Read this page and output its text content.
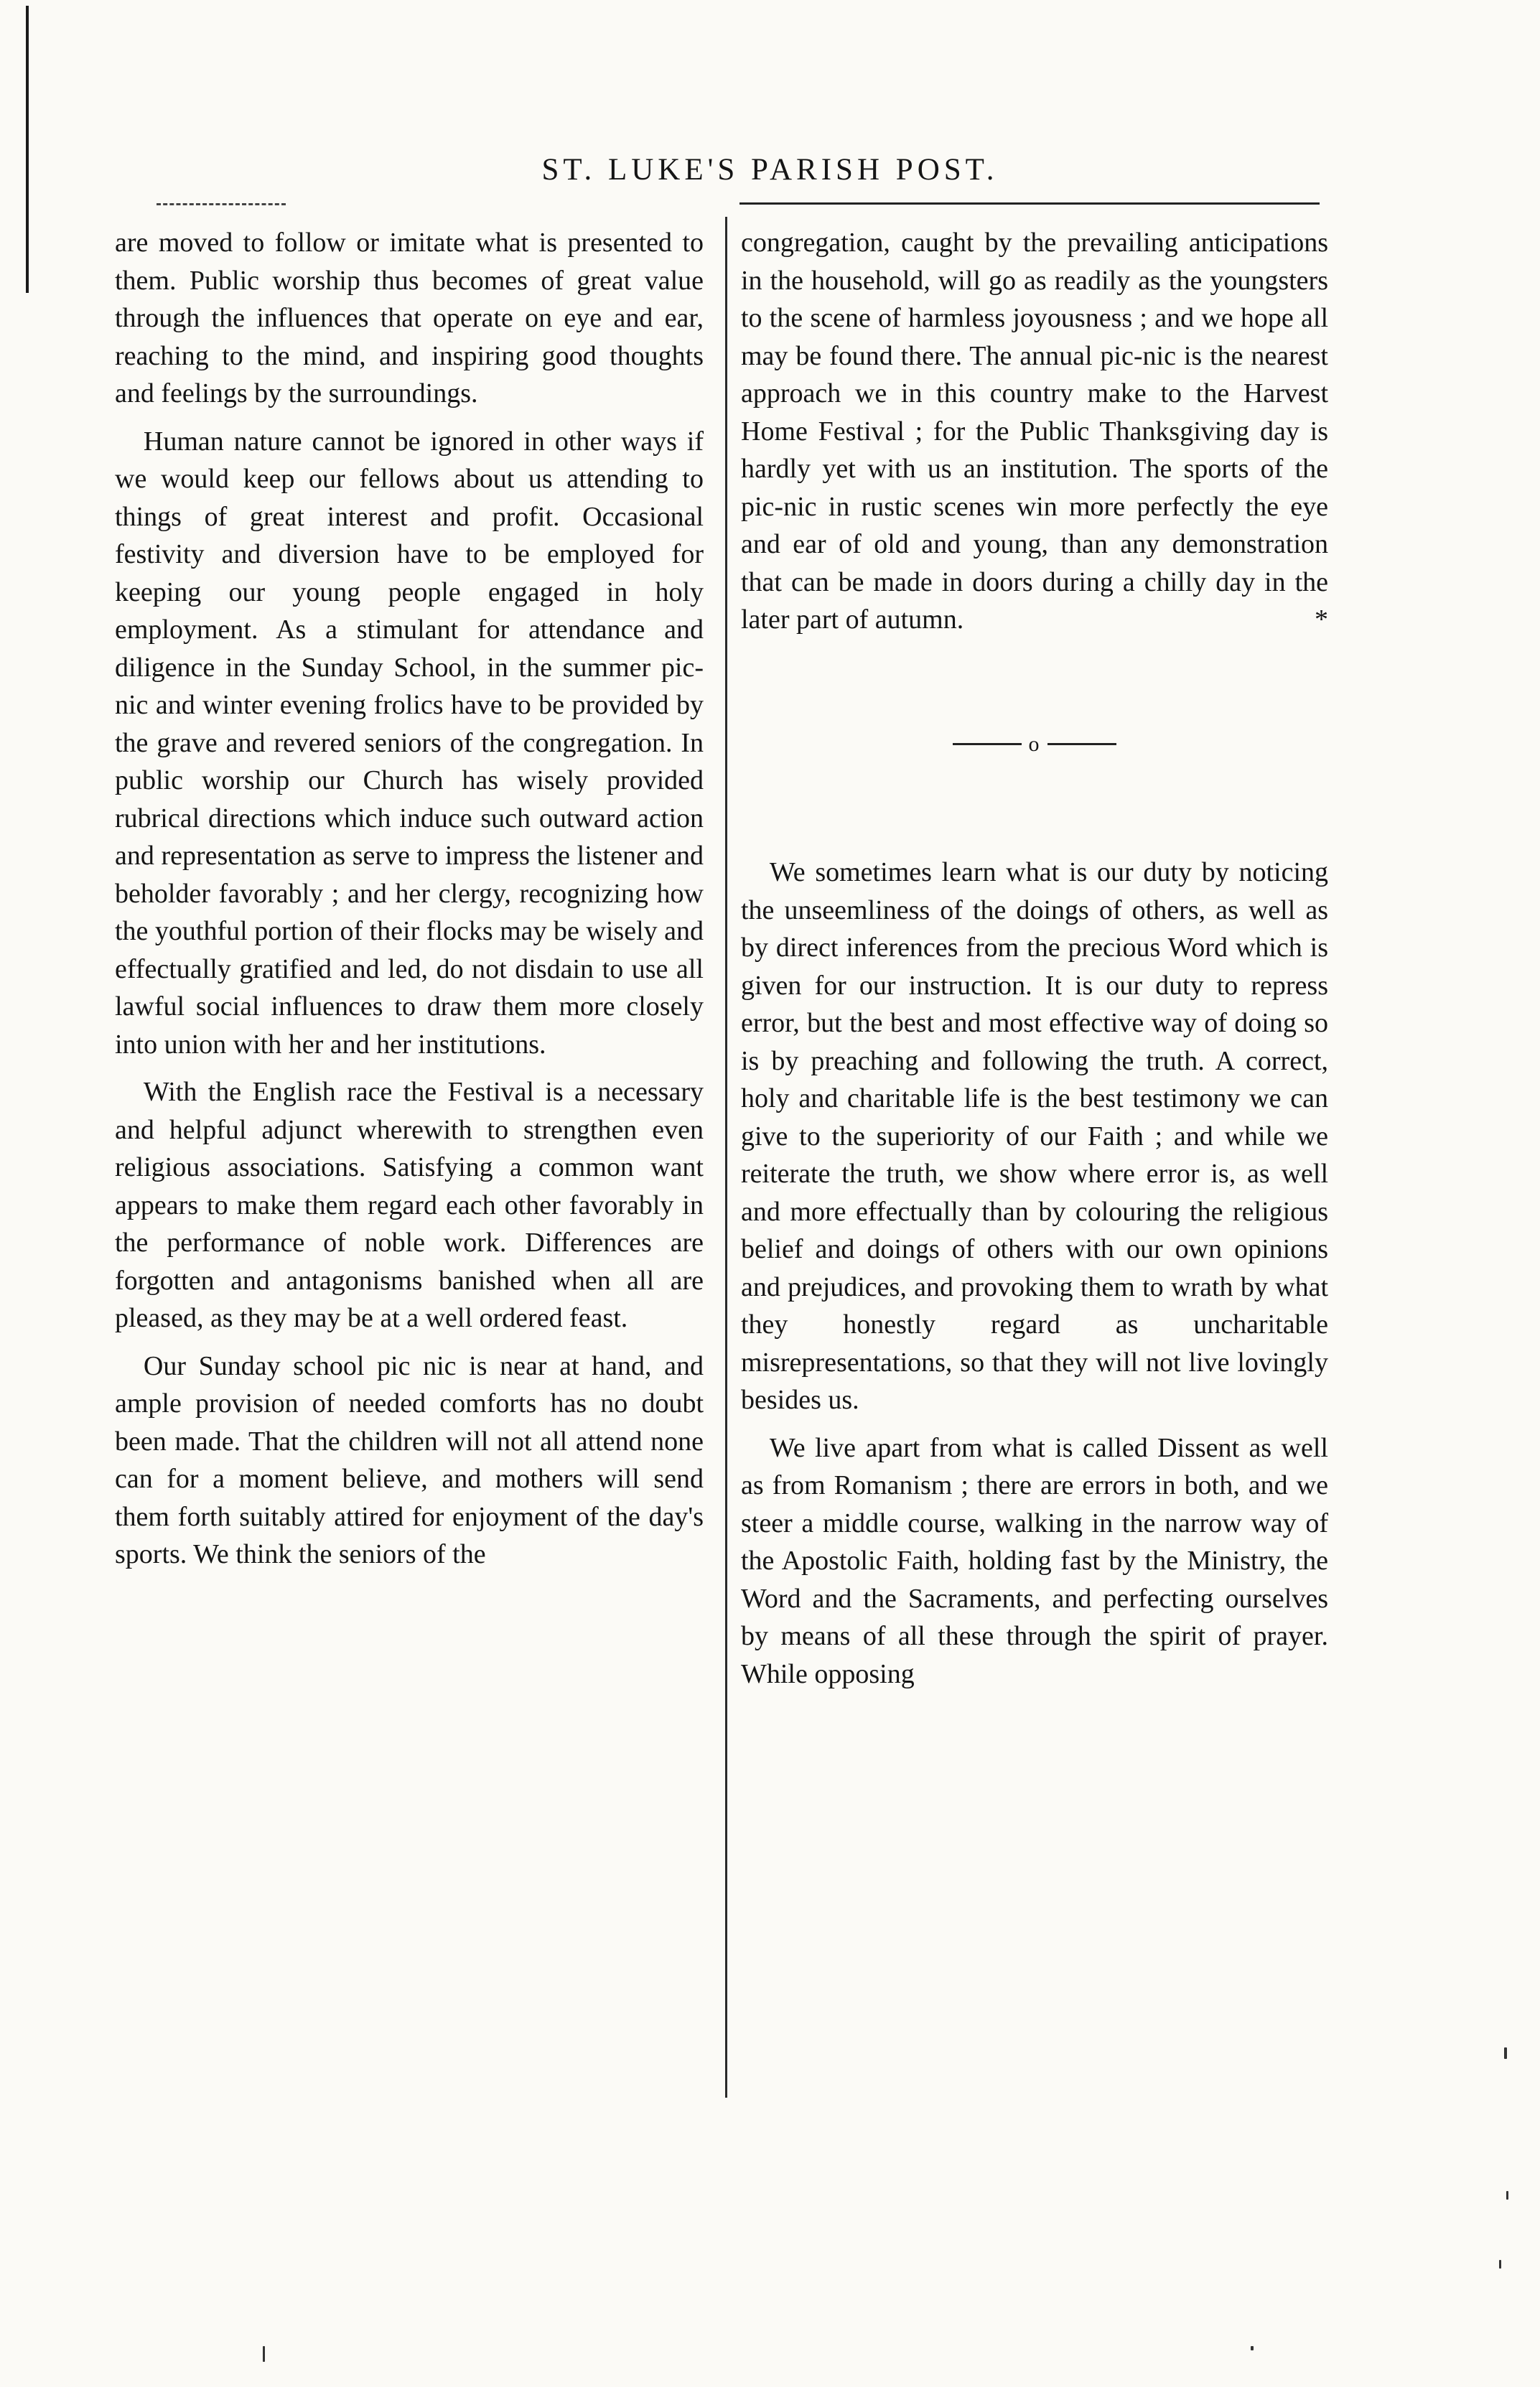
ST. LUKE'S PARISH POST.

are moved to follow or imitate what is presented to them. Public worship thus becomes of great value through the influences that operate on eye and ear, reaching to the mind, and inspiring good thoughts and feelings by the surroundings.

Human nature cannot be ignored in other ways if we would keep our fellows about us attending to things of great interest and profit. Occasional festivity and diversion have to be employed for keeping our young people engaged in holy employment. As a stimulant for attendance and diligence in the Sunday School, in the summer pic-nic and winter evening frolics have to be provided by the grave and revered seniors of the congregation. In public worship our Church has wisely provided rubrical directions which induce such outward action and representation as serve to impress the listener and beholder favorably ; and her clergy, recognizing how the youthful portion of their flocks may be wisely and effectually gratified and led, do not disdain to use all lawful social influences to draw them more closely into union with her and her institutions.

With the English race the Festival is a necessary and helpful adjunct wherewith to strengthen even religious associations. Satisfying a common want appears to make them regard each other favorably in the performance of noble work. Differences are forgotten and antagonisms banished when all are pleased, as they may be at a well ordered feast.

Our Sunday school pic nic is near at hand, and ample provision of needed comforts has no doubt been made. That the children will not all attend none can for a moment believe, and mothers will send them forth suitably attired for enjoyment of the day's sports. We think the seniors of the

congregation, caught by the prevailing anticipations in the household, will go as readily as the youngsters to the scene of harmless joyousness ; and we hope all may be found there. The annual pic-nic is the nearest approach we in this country make to the Harvest Home Festival ; for the Public Thanksgiving day is hardly yet with us an institution. The sports of the pic-nic in rustic scenes win more perfectly the eye and ear of old and young, than any demonstration that can be made in doors during a chilly day in the later part of autumn.	*

o

We sometimes learn what is our duty by noticing the unseemliness of the doings of others, as well as by direct inferences from the precious Word which is given for our instruction. It is our duty to repress error, but the best and most effective way of doing so is by preaching and following the truth. A correct, holy and charitable life is the best testimony we can give to the superiority of our Faith ; and while we reiterate the truth, we show where error is, as well and more effectually than by colouring the religious belief and doings of others with our own opinions and prejudices, and provoking them to wrath by what they honestly regard as uncharitable misrepresentations, so that they will not live lovingly besides us.

We live apart from what is called Dissent as well as from Romanism ; there are errors in both, and we steer a middle course, walking in the narrow way of the Apostolic Faith, holding fast by the Ministry, the Word and the Sacraments, and perfecting ourselves by means of all these through the spirit of prayer. While opposing
